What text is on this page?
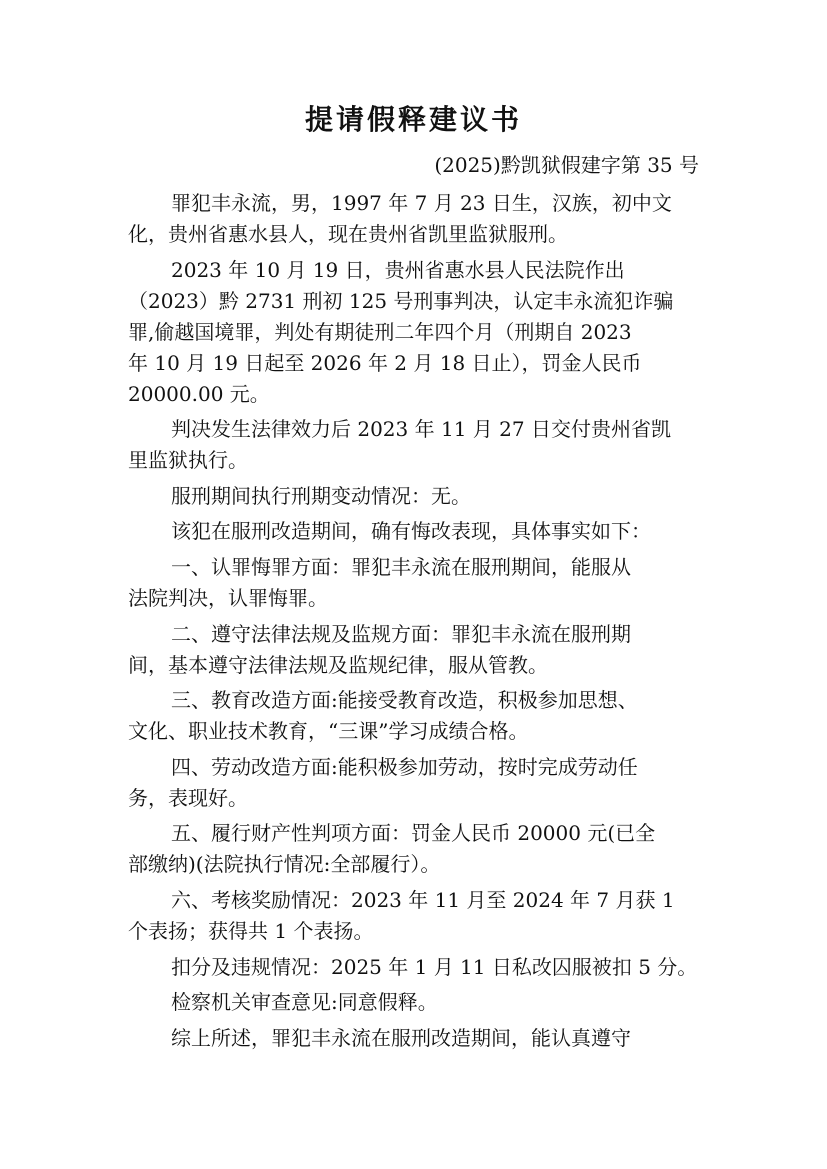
提请假释建议书
(2025)黔凯狱假建字第 35 号

罪犯丰永流，男，1997 年 7 月 23 日生，汉族，初中文
化，贵州省惠水县人，现在贵州省凯里监狱服刑。

2023 年 10 月 19 日，贵州省惠水县人民法院作出
（2023）黔 2731 刑初 125 号刑事判决，认定丰永流犯诈骗
罪,偷越国境罪，判处有期徒刑二年四个月（刑期自 2023
年 10 月 19 日起至 2026 年 2 月 18 日止），罚金人民币
20000.00 元。

判决发生法律效力后 2023 年 11 月 27 日交付贵州省凯
里监狱执行。

服刑期间执行刑期变动情况：无。

该犯在服刑改造期间，确有悔改表现，具体事实如下：

一、认罪悔罪方面：罪犯丰永流在服刑期间，能服从
法院判决，认罪悔罪。

二、遵守法律法规及监规方面：罪犯丰永流在服刑期
间，基本遵守法律法规及监规纪律，服从管教。

三、教育改造方面:能接受教育改造，积极参加思想、
文化、职业技术教育，“三课”学习成绩合格。

四、劳动改造方面:能积极参加劳动，按时完成劳动任
务，表现好。

五、履行财产性判项方面：罚金人民币 20000 元(已全
部缴纳)(法院执行情况:全部履行）。

六、考核奖励情况：2023 年 11 月至 2024 年 7 月获 1
个表扬；获得共 1 个表扬。

扣分及违规情况：2025 年 1 月 11 日私改囚服被扣 5 分。

检察机关审查意见:同意假释。

综上所述，罪犯丰永流在服刑改造期间，能认真遵守
